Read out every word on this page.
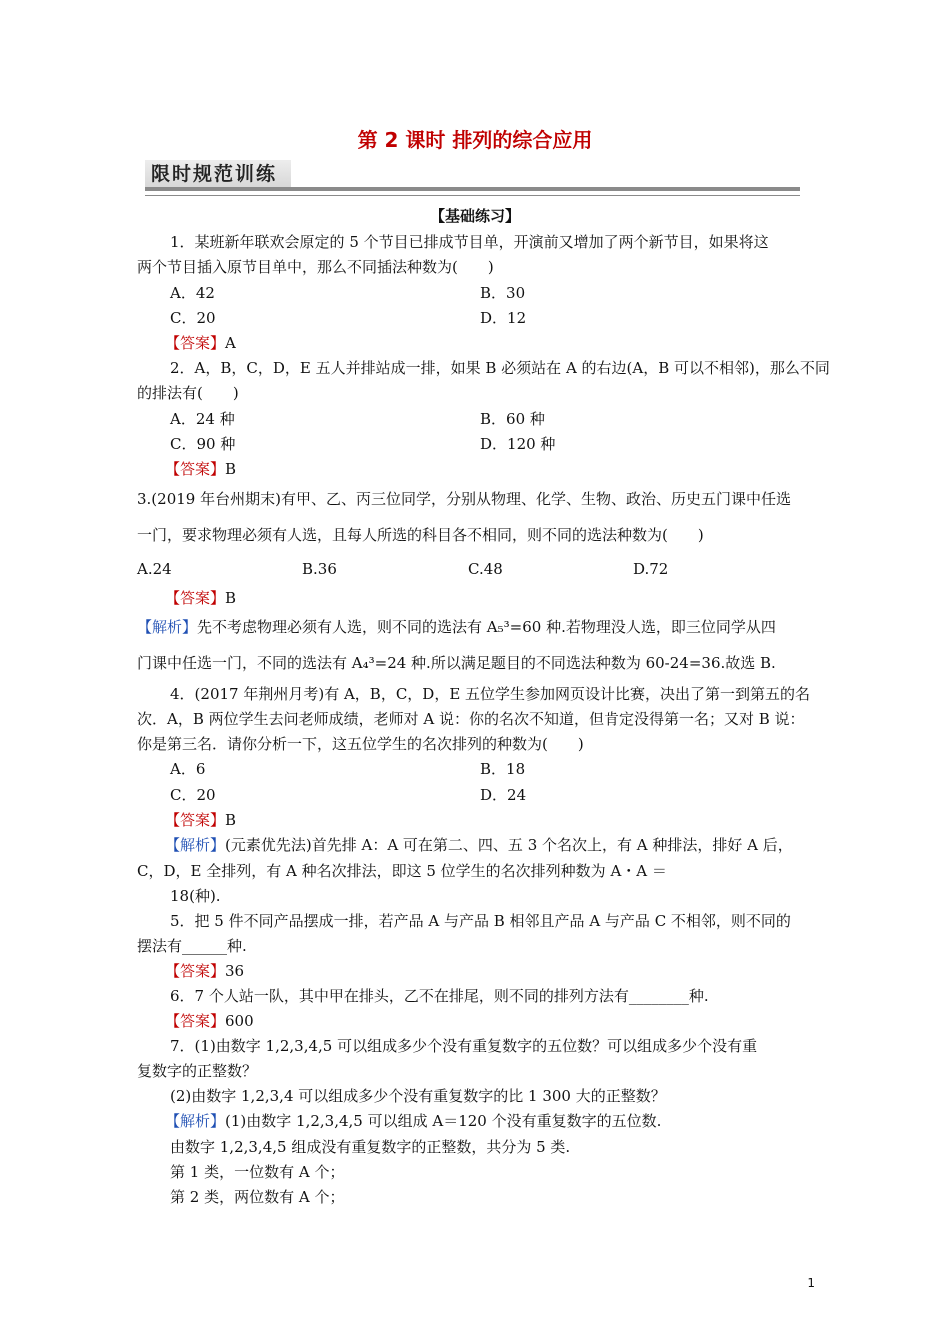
第 2 课时 排列的综合应用
限时规范训练
【基础练习】
1．某班新年联欢会原定的 5 个节目已排成节目单，开演前又增加了两个新节目，如果将这
两个节目插入原节目单中，那么不同插法种数为(　　)
A．42	B．30
C．20	D．12
【答案】A
2．A，B，C，D，E 五人并排站成一排，如果 B 必须站在 A 的右边(A，B 可以不相邻)，那么不同
的排法有(　　)
A．24 种	B．60 种
C．90 种	D．120 种
【答案】B
3.(2019 年台州期末)有甲、乙、丙三位同学，分别从物理、化学、生物、政治、历史五门课中任选
一门，要求物理必须有人选，且每人所选的科目各不相同，则不同的选法种数为(　　)
A.24	B.36	C.48	D.72
【答案】B
【解析】先不考虑物理必须有人选，则不同的选法有 A₅³=60 种.若物理没人选，即三位同学从四
门课中任选一门，不同的选法有 A₄³=24 种.所以满足题目的不同选法种数为 60-24=36.故选 B.
4．(2017 年荆州月考)有 A，B，C，D，E 五位学生参加网页设计比赛，决出了第一到第五的名
次．A，B 两位学生去问老师成绩，老师对 A 说：你的名次不知道，但肯定没得第一名；又对 B 说：
你是第三名．请你分析一下，这五位学生的名次排列的种数为(　　)
A．6	B．18
C．20	D．24
【答案】B
【解析】(元素优先法)首先排 A：A 可在第二、四、五 3 个名次上，有 A 种排法，排好 A 后，
C，D，E 全排列，有 A 种名次排法，即这 5 位学生的名次排列种数为 A・A ＝
18(种).
5．把 5 件不同产品摆成一排，若产品 A 与产品 B 相邻且产品 A 与产品 C 不相邻，则不同的
摆法有______种.
【答案】36
6．7 个人站一队，其中甲在排头，乙不在排尾，则不同的排列方法有________种.
【答案】600
7．(1)由数字 1,2,3,4,5 可以组成多少个没有重复数字的五位数？可以组成多少个没有重
复数字的正整数？
(2)由数字 1,2,3,4 可以组成多少个没有重复数字的比 1 300 大的正整数？
【解析】(1)由数字 1,2,3,4,5 可以组成 A＝120 个没有重复数字的五位数.
由数字 1,2,3,4,5 组成没有重复数字的正整数，共分为 5 类.
第 1 类，一位数有 A 个；
第 2 类，两位数有 A 个；
1
